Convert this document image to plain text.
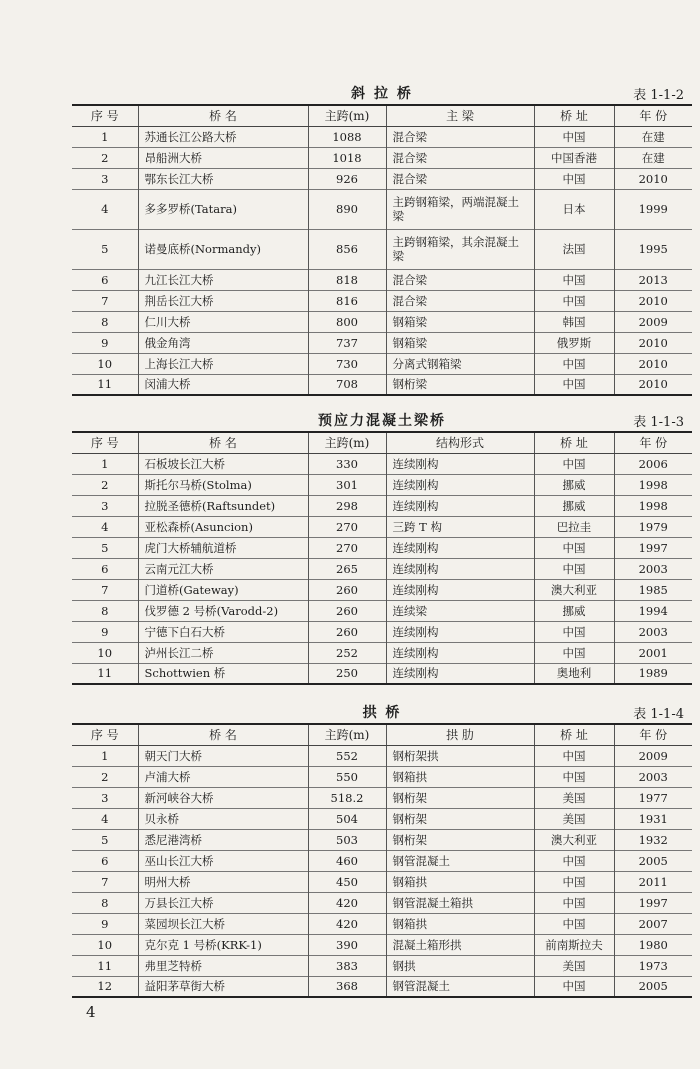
斜 拉 桥	表 1-1-2
序 号	桥 名	主跨(m)	主 梁	桥 址	年 份
1	苏通长江公路大桥	1088	混合梁	中国	在建
2	昂船洲大桥	1018	混合梁	中国香港	在建
3	鄂东长江大桥	926	混合梁	中国	2010
4	多多罗桥(Tatara)	890	主跨钢箱梁，两端混凝土梁	日本	1999
5	诺曼底桥(Normandy)	856	主跨钢箱梁，其余混凝土梁	法国	1995
6	九江长江大桥	818	混合梁	中国	2013
7	荆岳长江大桥	816	混合梁	中国	2010
8	仁川大桥	800	钢箱梁	韩国	2009
9	俄金角湾	737	钢箱梁	俄罗斯	2010
10	上海长江大桥	730	分离式钢箱梁	中国	2010
11	闵浦大桥	708	钢桁梁	中国	2010
预应力混凝土梁桥	表 1-1-3
序 号	桥 名	主跨(m)	结构形式	桥 址	年 份
1	石板坡长江大桥	330	连续刚构	中国	2006
2	斯托尔马桥(Stolma)	301	连续刚构	挪威	1998
3	拉脱圣德桥(Raftsundet)	298	连续刚构	挪威	1998
4	亚松森桥(Asuncion)	270	三跨 T 构	巴拉圭	1979
5	虎门大桥辅航道桥	270	连续刚构	中国	1997
6	云南元江大桥	265	连续刚构	中国	2003
7	门道桥(Gateway)	260	连续刚构	澳大利亚	1985
8	伐罗德 2 号桥(Varodd-2)	260	连续梁	挪威	1994
9	宁德下白石大桥	260	连续刚构	中国	2003
10	泸州长江二桥	252	连续刚构	中国	2001
11	Schottwien 桥	250	连续刚构	奥地利	1989
拱 桥	表 1-1-4
序 号	桥 名	主跨(m)	拱 肋	桥 址	年 份
1	朝天门大桥	552	钢桁架拱	中国	2009
2	卢浦大桥	550	钢箱拱	中国	2003
3	新河峡谷大桥	518.2	钢桁架	美国	1977
4	贝永桥	504	钢桁架	美国	1931
5	悉尼港湾桥	503	钢桁架	澳大利亚	1932
6	巫山长江大桥	460	钢管混凝土	中国	2005
7	明州大桥	450	钢箱拱	中国	2011
8	万县长江大桥	420	钢管混凝土箱拱	中国	1997
9	菜园坝长江大桥	420	钢箱拱	中国	2007
10	克尔克 1 号桥(KRK-1)	390	混凝土箱形拱	前南斯拉夫	1980
11	弗里芝特桥	383	钢拱	美国	1973
12	益阳茅草街大桥	368	钢管混凝土	中国	2005
4
